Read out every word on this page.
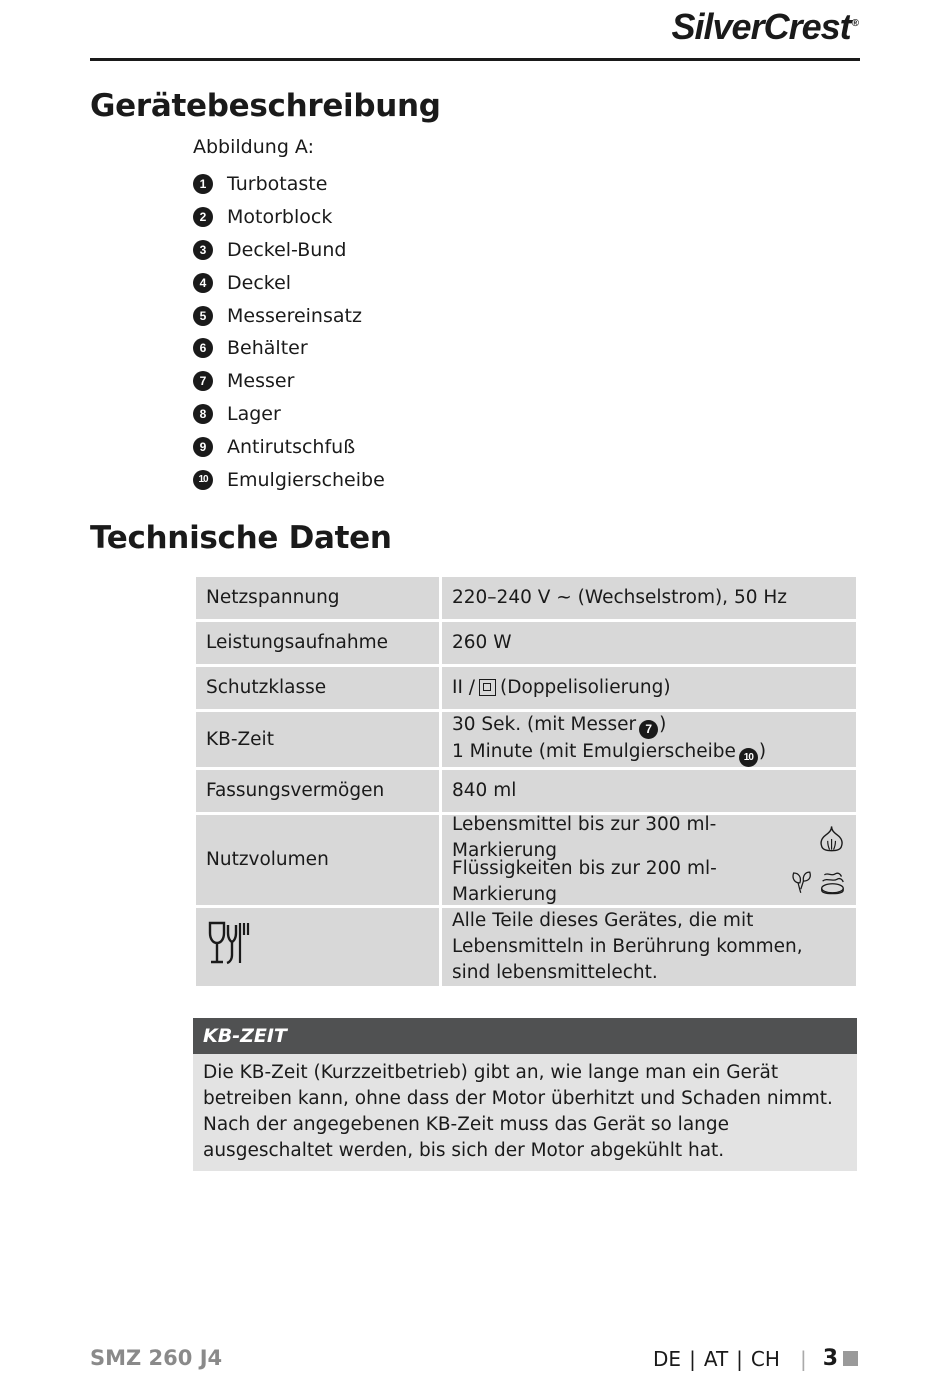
SilverCrest®
Gerätebeschreibung
Abbildung A:
1	Turbotaste
2	Motorblock
3	Deckel-Bund
4	Deckel
5	Messereinsatz
6	Behälter
7	Messer
8	Lager
9	Antirutschfuß
10 Emulgierscheibe
Technische Daten
Netzspannung	220–240 V ~ (Wechselstrom), 50 Hz
Leistungsaufnahme	260 W
Schutzklasse	II / (Doppelisolierung)
KB-Zeit	30 Sek. (mit Messer 7 )
1 Minute (mit Emulgierscheibe 10 )

Fassungsvermögen	840 ml
Nutzvolumen	Lebensmittel bis zur 300 ml-Markierung
Flüssigkeiten bis zur 200 ml-Markierung

	Alle Teile dieses Gerätes, die mit Lebensmitteln in Berührung kommen, sind lebensmittelecht.
KB-ZEIT
Die KB-Zeit (Kurzzeitbetrieb) gibt an, wie lange man ein Gerät betreiben kann, ohne dass der Motor überhitzt und Schaden nimmt. Nach der angegebenen KB-Zeit muss das Gerät so lange ausgeschaltet werden, bis sich der Motor abgekühlt hat.
SMZ 260 J4	DE | AT | CH | 3
